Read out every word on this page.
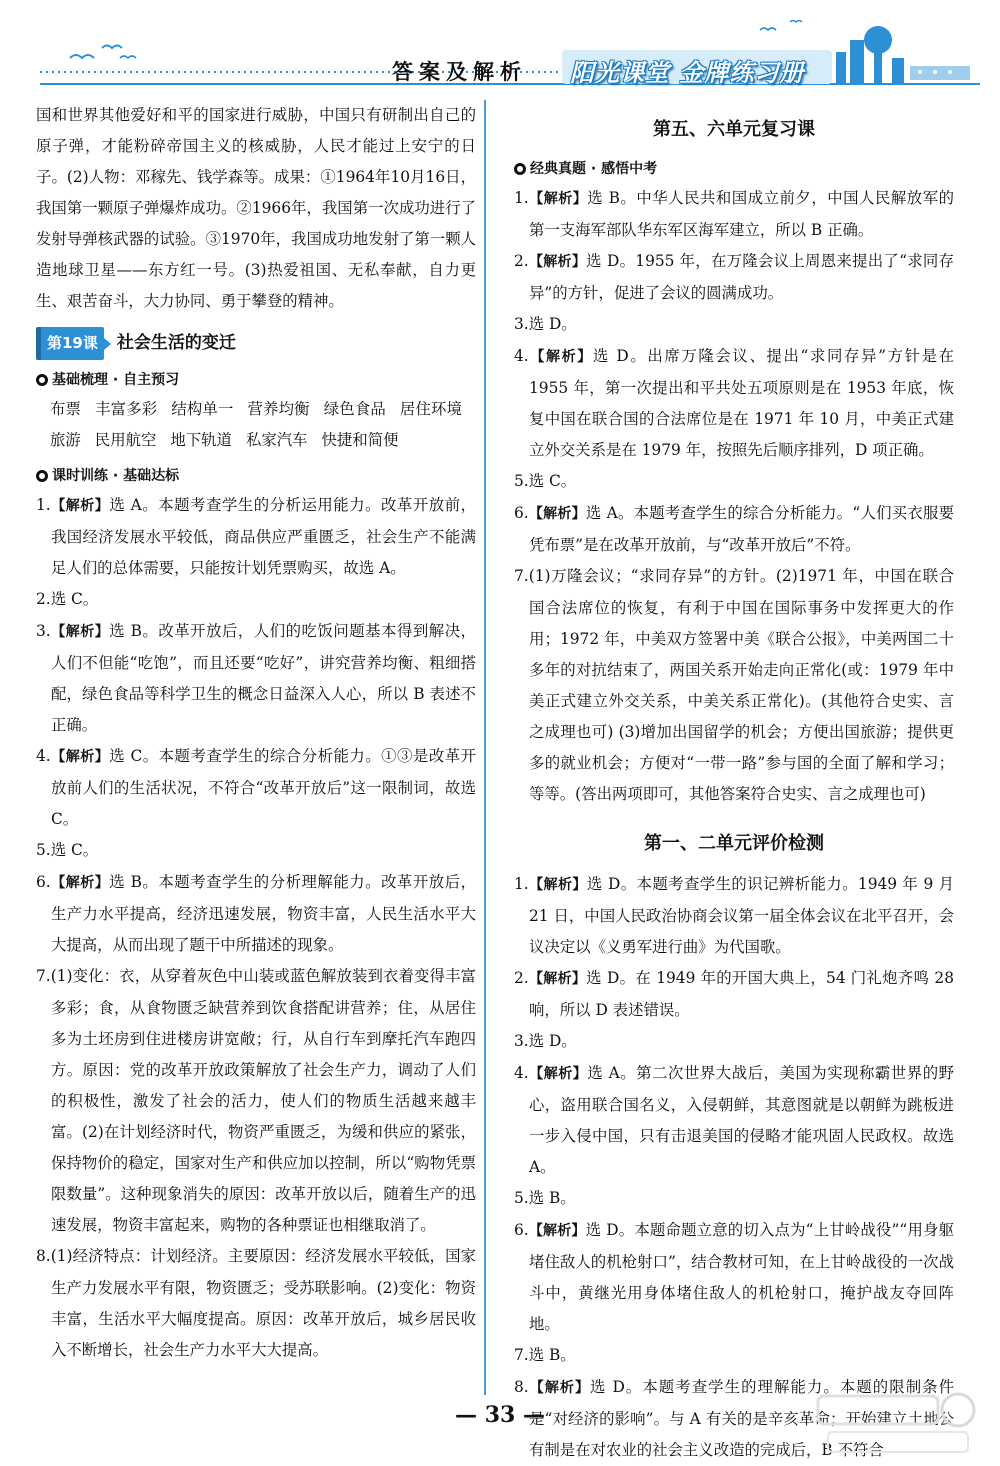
答案及解析 阳光课堂 金牌练习册

国和世界其他爱好和平的国家进行威胁，中国只有研制出自己的原子弹，才能粉碎帝国主义的核威胁，人民才能过上安宁的日子。(2)人物：邓稼先、钱学森等。成果：①1964年10月16日，我国第一颗原子弹爆炸成功。②1966年，我国第一次成功进行了发射导弹核武器的试验。③1970年，我国成功地发射了第一颗人造地球卫星——东方红一号。(3)热爱祖国、无私奉献，自力更生、艰苦奋斗，大力协同、勇于攀登的精神。

第19课	社会生活的变迁
基础梳理 · 自主预习

布票 丰富多彩 结构单一 营养均衡 绿色食品 居住环境旅游 民用航空 地下轨道 私家汽车 快捷和简便

课时训练 · 基础达标

1.【解析】选 A。本题考查学生的分析运用能力。改革开放前，我国经济发展水平较低，商品供应严重匮乏，社会生产不能满足人们的总体需要，只能按计划凭票购买，故选 A。

2.选 C。

3.【解析】选 B。改革开放后，人们的吃饭问题基本得到解决，人们不但能“吃饱”，而且还要“吃好”，讲究营养均衡、粗细搭配，绿色食品等科学卫生的概念日益深入人心，所以 B 表述不正确。

4.【解析】选 C。本题考查学生的综合分析能力。①③是改革开放前人们的生活状况，不符合“改革开放后”这一限制词，故选 C。

5.选 C。

6.【解析】选 B。本题考查学生的分析理解能力。改革开放后，生产力水平提高，经济迅速发展，物资丰富，人民生活水平大大提高，从而出现了题干中所描述的现象。

7.(1)变化：衣，从穿着灰色中山装或蓝色解放装到衣着变得丰富多彩；食，从食物匮乏缺营养到饮食搭配讲营养；住，从居住多为土坯房到住进楼房讲宽敞；行，从自行车到摩托汽车跑四方。原因：党的改革开放政策解放了社会生产力，调动了人们的积极性，激发了社会的活力，使人们的物质生活越来越丰富。(2)在计划经济时代，物资严重匮乏，为缓和供应的紧张，保持物价的稳定，国家对生产和供应加以控制，所以“购物凭票限数量”。这种现象消失的原因：改革开放以后，随着生产的迅速发展，物资丰富起来，购物的各种票证也相继取消了。

8.(1)经济特点：计划经济。主要原因：经济发展水平较低，国家生产力发展水平有限，物资匮乏；受苏联影响。(2)变化：物资丰富，生活水平大幅度提高。原因：改革开放后，城乡居民收入不断增长，社会生产力水平大大提高。

第五、六单元复习课
经典真题 · 感悟中考

1.【解析】选 B。中华人民共和国成立前夕，中国人民解放军的第一支海军部队华东军区海军建立，所以 B 正确。

2.【解析】选 D。1955 年，在万隆会议上周恩来提出了“求同存异”的方针，促进了会议的圆满成功。

3.选 D。

4.【解析】选 D。出席万隆会议、提出“求同存异”方针是在 1955 年，第一次提出和平共处五项原则是在 1953 年底，恢复中国在联合国的合法席位是在 1971 年 10 月，中美正式建立外交关系是在 1979 年，按照先后顺序排列，D 项正确。

5.选 C。

6.【解析】选 A。本题考查学生的综合分析能力。“人们买衣服要凭布票”是在改革开放前，与“改革开放后”不符。

7.(1)万隆会议；“求同存异”的方针。(2)1971 年，中国在联合国合法席位的恢复，有利于中国在国际事务中发挥更大的作用；1972 年，中美双方签署中美《联合公报》，中美两国二十多年的对抗结束了，两国关系开始走向正常化(或：1979 年中美正式建立外交关系，中美关系正常化)。(其他符合史实、言之成理也可) (3)增加出国留学的机会；方便出国旅游；提供更多的就业机会；方便对“一带一路”参与国的全面了解和学习；等等。(答出两项即可，其他答案符合史实、言之成理也可)

第一、二单元评价检测

1.【解析】选 D。本题考查学生的识记辨析能力。1949 年 9 月 21 日，中国人民政治协商会议第一届全体会议在北平召开，会议决定以《义勇军进行曲》为代国歌。

2.【解析】选 D。在 1949 年的开国大典上，54 门礼炮齐鸣 28 响，所以 D 表述错误。

3.选 D。

4.【解析】选 A。第二次世界大战后，美国为实现称霸世界的野心，盗用联合国名义，入侵朝鲜，其意图就是以朝鲜为跳板进一步入侵中国，只有击退美国的侵略才能巩固人民政权。故选 A。

5.选 B。

6.【解析】选 D。本题命题立意的切入点为“上甘岭战役”“用身躯堵住敌人的机枪射口”，结合教材可知，在上甘岭战役的一次战斗中，黄继光用身体堵住敌人的机枪射口，掩护战友夺回阵地。

7.选 B。

8.【解析】选 D。本题考查学生的理解能力。本题的限制条件是“对经济的影响”。与 A 有关的是辛亥革命；开始建立土地公有制是在对农业的社会主义改造的完成后，B 不符合

— 33 —
